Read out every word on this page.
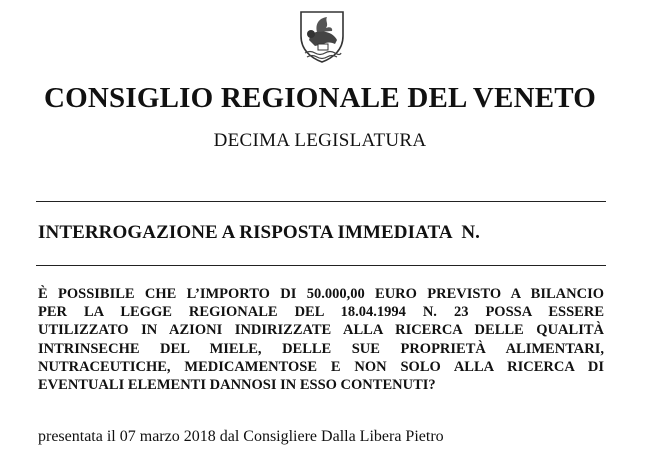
CONSIGLIO REGIONALE DEL VENETO
DECIMA LEGISLATURA
INTERROGAZIONE A RISPOSTA IMMEDIATA  N.
È POSSIBILE CHE L’IMPORTO DI 50.000,00 EURO PREVISTO A BILANCIO
PER LA LEGGE REGIONALE DEL 18.04.1994 N. 23 POSSA ESSERE
UTILIZZATO IN AZIONI INDIRIZZATE ALLA RICERCA DELLE QUALITÀ
INTRINSECHE DEL MIELE, DELLE SUE PROPRIETÀ ALIMENTARI,
NUTRACEUTICHE, MEDICAMENTOSE E NON SOLO ALLA RICERCA DI
EVENTUALI ELEMENTI DANNOSI IN ESSO CONTENUTI?
presentata il 07 marzo 2018 dal Consigliere Dalla Libera Pietro
